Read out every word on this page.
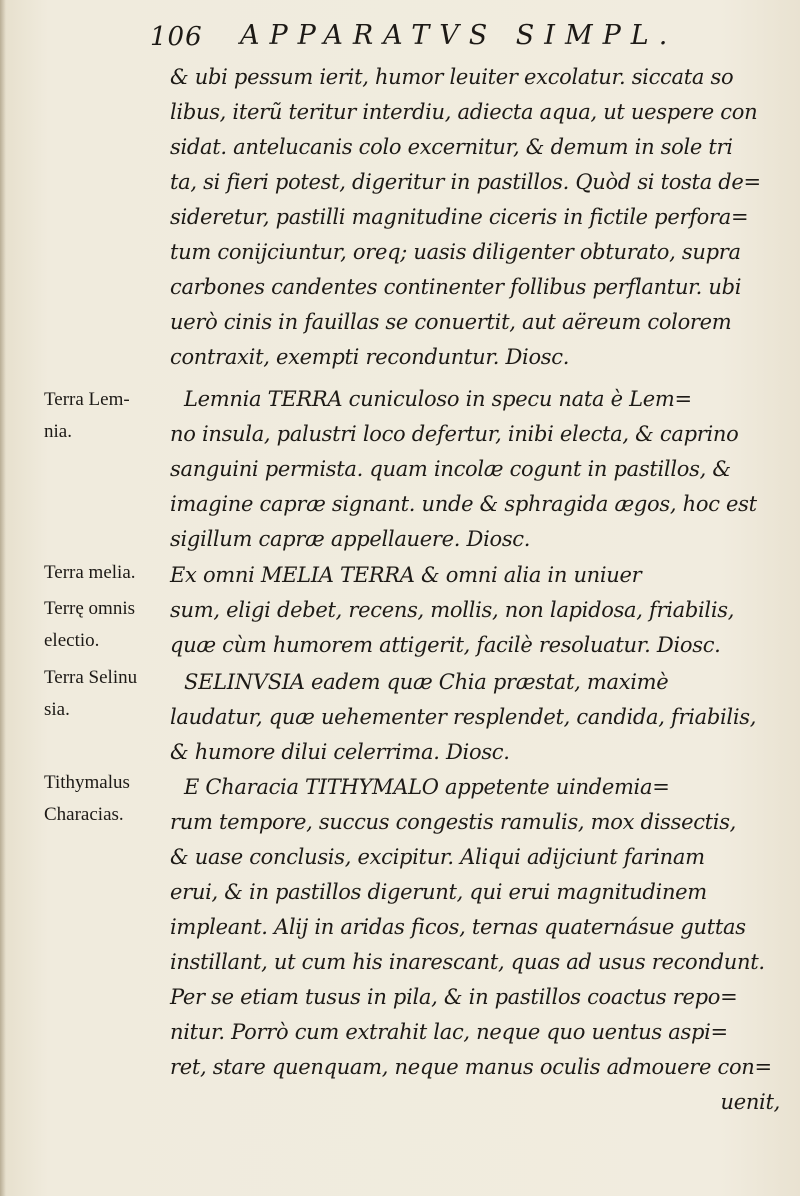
106 APPARATVS SIMPL.
Terra Lem-
nia.
Terra melia.
Terrę omnis
electio.
Terra Selinu
sia.
Tithymalus
Characias.
& ubi pessum ierit, humor leuiter excolatur. siccata so
libus, iterũ teritur interdiu, adiecta aqua, ut uespere con
sidat. antelucanis colo excernitur, & demum in sole tri
ta, si fieri potest, digeritur in pastillos. Quòd si tosta de=
sideretur, pastilli magnitudine ciceris in fictile perfora=
tum conijciuntur, oreq; uasis diligenter obturato, supra
carbones candentes continenter follibus perflantur. ubi
uerò cinis in fauillas se conuertit, aut aëreum colorem
contraxit, exempti reconduntur. Diosc.
Lemnia TERRA cuniculoso in specu nata è Lem=
no insula, palustri loco defertur, inibi electa, & caprino
sanguini permista. quam incolæ cogunt in pastillos, &
imagine capræ signant. unde & sphragida ægos, hoc est
sigillum capræ appellauere. Diosc.
Ex omni MELIA TERRA & omni alia in uniuer
sum, eligi debet, recens, mollis, non lapidosa, friabilis,
quæ cùm humorem attigerit, facilè resoluatur. Diosc.
SELINVSIA eadem quæ Chia præstat, maximè
laudatur, quæ uehementer resplendet, candida, friabilis,
& humore dilui celerrima. Diosc.
E Characia TITHYMALO appetente uindemia=
rum tempore, succus congestis ramulis, mox dissectis,
& uase conclusis, excipitur. Aliqui adijciunt farinam
erui, & in pastillos digerunt, qui erui magnitudinem
impleant. Alij in aridas ficos, ternas quaternásue guttas
instillant, ut cum his inarescant, quas ad usus recondunt.
Per se etiam tusus in pila, & in pastillos coactus repo=
nitur. Porrò cum extrahit lac, neque quo uentus aspi=
ret, stare quenquam, neque manus oculis admouere con=
uenit,
